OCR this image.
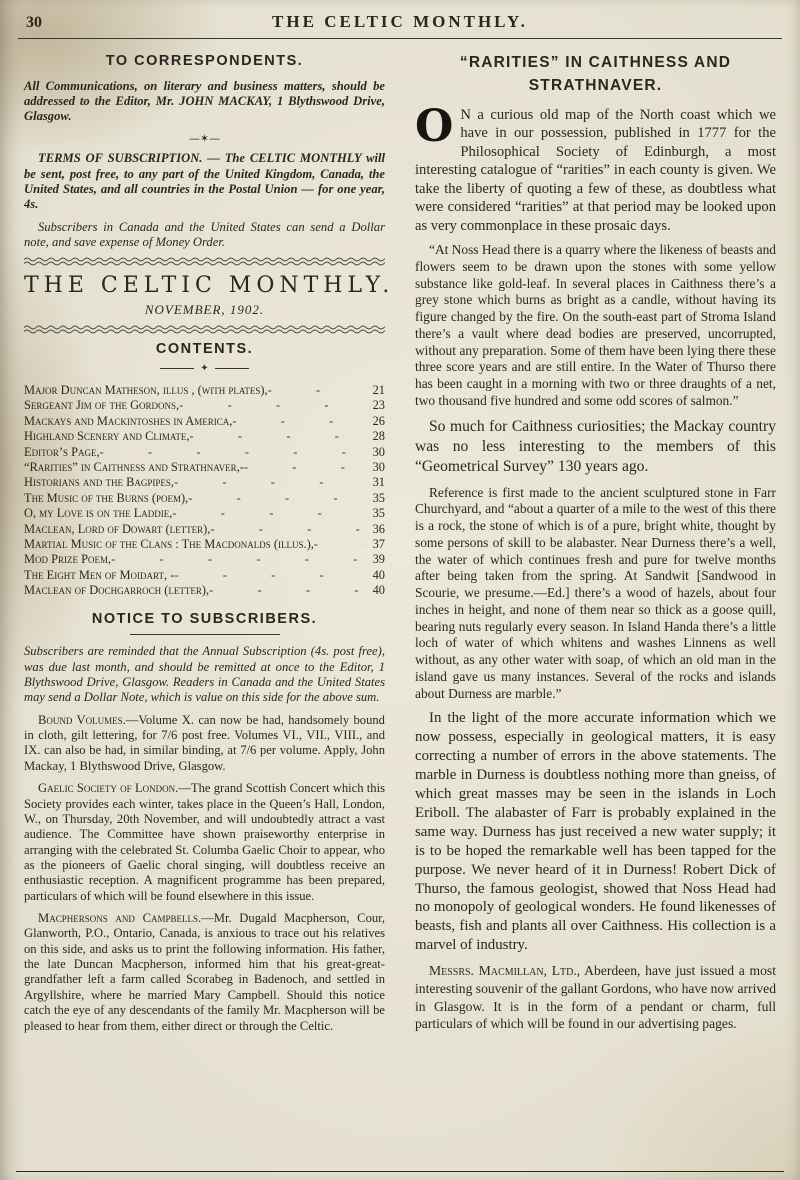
30	THE CELTIC MONTHLY.
TO CORRESPONDENTS.

All Communications, on literary and business matters, should be addressed to the Editor, Mr. JOHN MACKAY, 1 Blythswood Drive, Glasgow.

—✶—

TERMS OF SUBSCRIPTION. — The CELTIC MONTHLY will be sent, post free, to any part of the United Kingdom, Canada, the United States, and all countries in the Postal Union — for one year, 4s.

Subscribers in Canada and the United States can send a Dollar note, and save expense of Money Order.

THE CELTIC MONTHLY.
NOVEMBER, 1902.
CONTENTS.
✦
Major Duncan Matheson, illus , (with plates), -   -	21
Sergeant Jim of the Gordons, -   -	23
Mackays and Mackintoshes in America, -   -	26
Highland Scenery and Climate, -   -	28
Editor’s Page, -   -	30
“Rarities” in Caithness and Strathnaver,- -   -	30
Historians and the Bagpipes, -   -	31
The Music of the Burns (poem), -   -	35
O, my Love is on the Laddie, -   -	35
Maclean, Lord of Dowart (letter), -   -	36
Martial Music of the Clans : The Macdonalds (illus.), -   -	37
Mod Prize Poem, -   -	39
The Eight Men of Moidart, - -   -	40
Maclean of Dochgarroch (letter), -   -	40
NOTICE TO SUBSCRIBERS.

Subscribers are reminded that the Annual Subscription (4s. post free), was due last month, and should be remitted at once to the Editor, 1 Blythswood Drive, Glasgow. Readers in Canada and the United States may send a Dollar Note, which is value on this side for the above sum.

Bound Volumes.—Volume X. can now be had, handsomely bound in cloth, gilt lettering, for 7/6 post free. Volumes VI., VII., VIII., and IX. can also be had, in similar binding, at 7/6 per volume. Apply, John Mackay, 1 Blythswood Drive, Glasgow.

Gaelic Society of London.—The grand Scottish Concert which this Society provides each winter, takes place in the Queen’s Hall, London, W., on Thursday, 20th November, and will undoubtedly attract a vast audience. The Committee have shown praiseworthy enterprise in arranging with the celebrated St. Columba Gaelic Choir to appear, who as the pioneers of Gaelic choral singing, will doubtless receive an enthusiastic reception. A magnificent programme has been prepared, particulars of which will be found elsewhere in this issue.

Macphersons and Campbells.—Mr. Dugald Macpherson, Cour, Glanworth, P.O., Ontario, Canada, is anxious to trace out his relatives on this side, and asks us to print the following information. His father, the late Duncan Macpherson, informed him that his great-great-grandfather left a farm called Scorabeg in Badenoch, and settled in Argyllshire, where he married Mary Campbell. Should this notice catch the eye of any descendants of the family Mr. Macpherson will be pleased to hear from them, either direct or through the Celtic.

“RARITIES” IN CAITHNESS AND
STRATHNAVER.

O N a curious old map of the North coast which we have in our possession, published in 1777 for the Philosophical Society of Edinburgh, a most interesting catalogue of “rarities” in each county is given. We take the liberty of quoting a few of these, as doubtless what were considered “rarities” at that period may be looked upon as very commonplace in these prosaic days.

“At Noss Head there is a quarry where the likeness of beasts and flowers seem to be drawn upon the stones with some yellow substance like gold-leaf. In several places in Caithness there’s a grey stone which burns as bright as a candle, without having its figure changed by the fire. On the south-east part of Stroma Island there’s a vault where dead bodies are preserved, uncorrupted, without any preparation. Some of them have been lying there these three score years and are still entire. In the Water of Thurso there has been caught in a morning with two or three draughts of a net, two thousand five hundred and some odd scores of salmon.”

So much for Caithness curiosities; the Mackay country was no less interesting to the members of this “Geometrical Survey” 130 years ago.

Reference is first made to the ancient sculptured stone in Farr Churchyard, and “about a quarter of a mile to the west of this there is a rock, the stone of which is of a pure, bright white, thought by some persons of skill to be alabaster. Near Durness there’s a well, the water of which continues fresh and pure for twelve months after being taken from the spring. At Sandwit [Sandwood in Scourie, we presume.—Ed.] there’s a wood of hazels, about four inches in height, and none of them near so thick as a goose quill, bearing nuts regularly every season. In Island Handa there’s a little loch of water of which whitens and washes Linnens as well without, as any other water with soap, of which an old man in the island gave us many instances. Several of the rocks and islands about Durness are marble.”

In the light of the more accurate information which we now possess, especially in geological matters, it is easy correcting a number of errors in the above statements. The marble in Durness is doubtless nothing more than gneiss, of which great masses may be seen in the islands in Loch Eriboll. The alabaster of Farr is probably explained in the same way. Durness has just received a new water supply; it is to be hoped the remarkable well has been tapped for the purpose. We never heard of it in Durness! Robert Dick of Thurso, the famous geologist, showed that Noss Head had no monopoly of geological wonders. He found likenesses of beasts, fish and plants all over Caithness. His collection is a marvel of industry.

Messrs. Macmillan, Ltd., Aberdeen, have just issued a most interesting souvenir of the gallant Gordons, who have now arrived in Glasgow. It is in the form of a pendant or charm, full particulars of which will be found in our advertising pages.
